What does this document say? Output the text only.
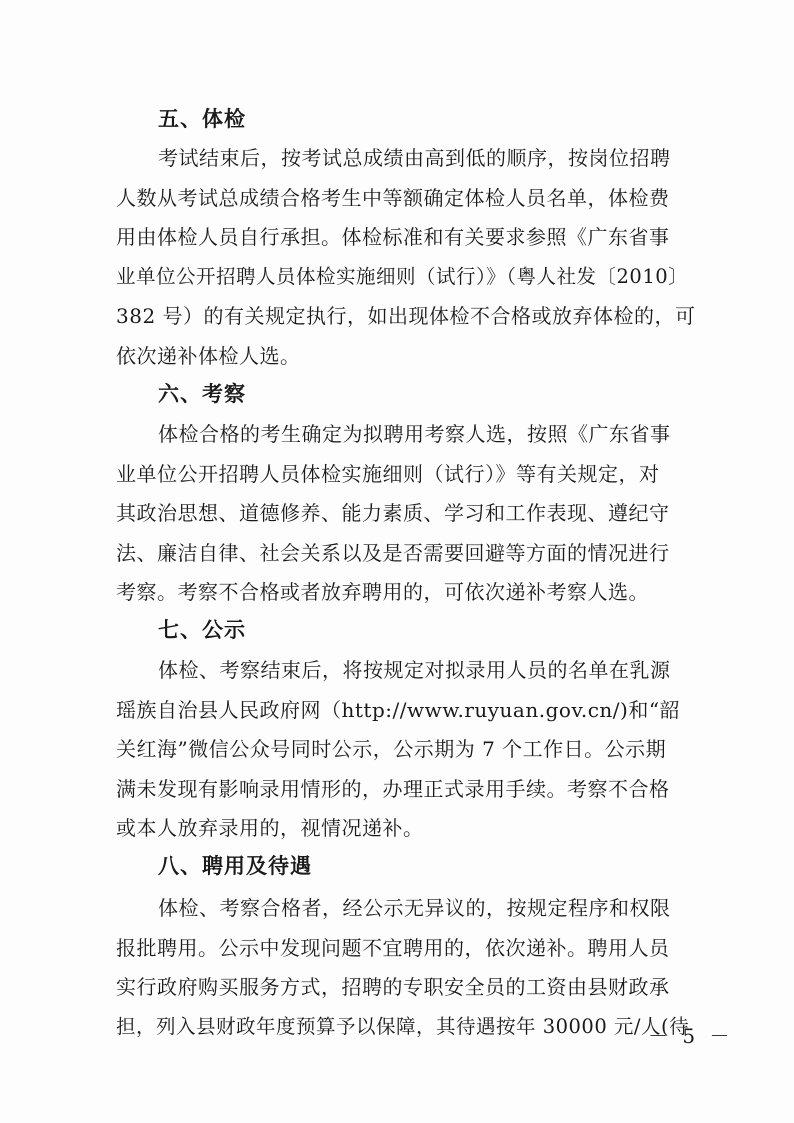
五、体检
考试结束后，按考试总成绩由高到低的顺序，按岗位招聘
人数从考试总成绩合格考生中等额确定体检人员名单，体检费
用由体检人员自行承担。体检标准和有关要求参照《广东省事
业单位公开招聘人员体检实施细则（试行）》（粤人社发〔2010〕
382 号）的有关规定执行，如出现体检不合格或放弃体检的，可
依次递补体检人选。
六、考察
体检合格的考生确定为拟聘用考察人选，按照《广东省事
业单位公开招聘人员体检实施细则（试行）》等有关规定，对
其政治思想、道德修养、能力素质、学习和工作表现、遵纪守
法、廉洁自律、社会关系以及是否需要回避等方面的情况进行
考察。考察不合格或者放弃聘用的，可依次递补考察人选。
七、公示
体检、考察结束后，将按规定对拟录用人员的名单在乳源
瑶族自治县人民政府网（http://www.ruyuan.gov.cn/)和“韶
关红海”微信公众号同时公示，公示期为 7 个工作日。公示期
满未发现有影响录用情形的，办理正式录用手续。考察不合格
或本人放弃录用的，视情况递补。
八、聘用及待遇
体检、考察合格者，经公示无异议的，按规定程序和权限
报批聘用。公示中发现问题不宜聘用的，依次递补。聘用人员
实行政府购买服务方式，招聘的专职安全员的工资由县财政承
担，列入县财政年度预算予以保障，其待遇按年 30000 元/人(待
－ 5 －
